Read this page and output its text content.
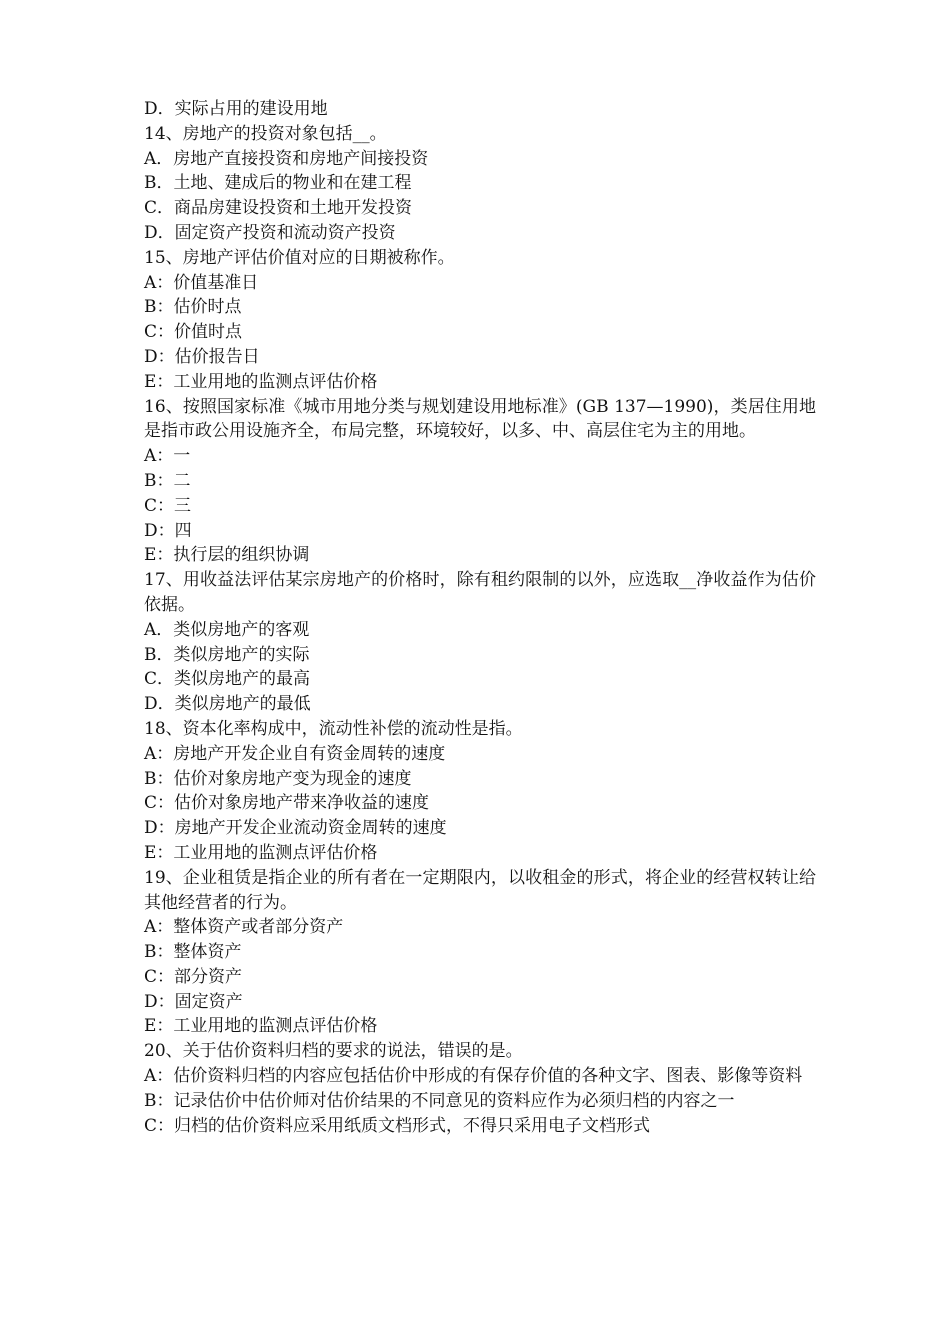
D．实际占用的建设用地

14、房地产的投资对象包括__。

A．房地产直接投资和房地产间接投资

B．土地、建成后的物业和在建工程

C．商品房建设投资和土地开发投资

D．固定资产投资和流动资产投资

15、房地产评估价值对应的日期被称作。

A：价值基准日

B：估价时点

C：价值时点

D：估价报告日

E：工业用地的监测点评估价格

16、按照国家标准《城市用地分类与规划建设用地标准》(GB 137—1990)，类居住用地是指市政公用设施齐全，布局完整，环境较好，以多、中、高层住宅为主的用地。

A：一

B：二

C：三

D：四

E：执行层的组织协调

17、用收益法评估某宗房地产的价格时，除有租约限制的以外，应选取__净收益作为估价依据。

A．类似房地产的客观

B．类似房地产的实际

C．类似房地产的最高

D．类似房地产的最低

18、资本化率构成中，流动性补偿的流动性是指。

A：房地产开发企业自有资金周转的速度

B：估价对象房地产变为现金的速度

C：估价对象房地产带来净收益的速度

D：房地产开发企业流动资金周转的速度

E：工业用地的监测点评估价格

19、企业租赁是指企业的所有者在一定期限内，以收租金的形式，将企业的经营权转让给其他经营者的行为。

A：整体资产或者部分资产

B：整体资产

C：部分资产

D：固定资产

E：工业用地的监测点评估价格

20、关于估价资料归档的要求的说法，错误的是。

A：估价资料归档的内容应包括估价中形成的有保存价值的各种文字、图表、影像等资料

B：记录估价中估价师对估价结果的不同意见的资料应作为必须归档的内容之一

C：归档的估价资料应采用纸质文档形式，不得只采用电子文档形式
